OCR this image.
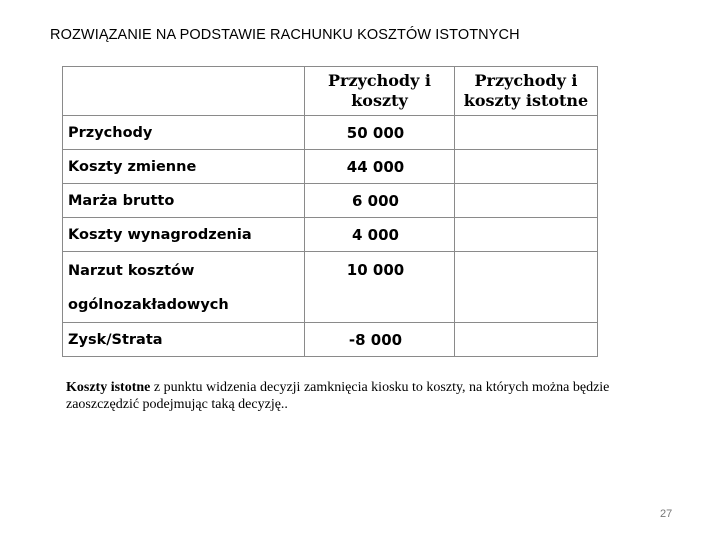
ROZWIĄZANIE NA PODSTAWIE RACHUNKU KOSZTÓW ISTOTNYCH
	Przychody i koszty	Przychody i koszty istotne
Przychody	50 000	
Koszty zmienne	44 000	
Marża brutto	6 000	
Koszty wynagrodzenia	4 000	
Narzut kosztów ogólnozakładowych	10 000	
Zysk/Strata	-8 000	
Koszty istotne z punktu widzenia decyzji zamknięcia kiosku to koszty, na których można będzie zaoszczędzić podejmując taką decyzję..
27
